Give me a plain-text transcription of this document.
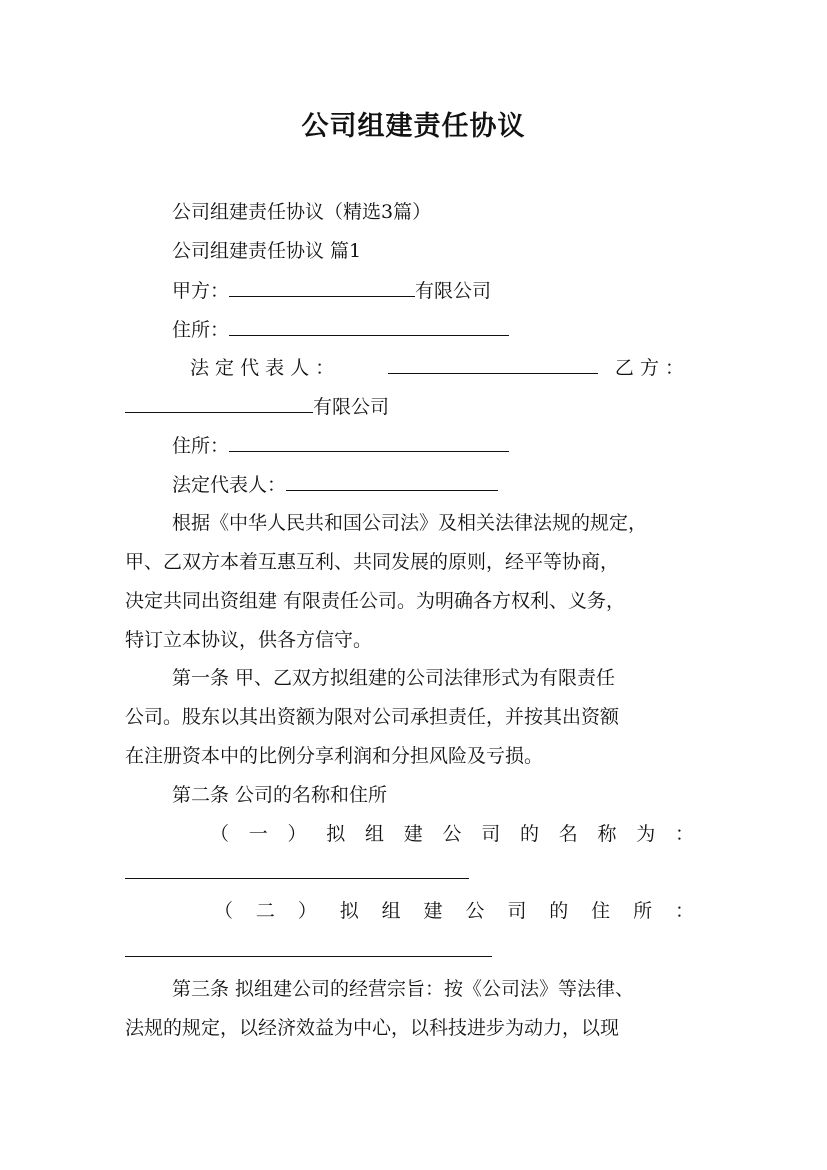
公司组建责任协议
公司组建责任协议（精选3篇）
公司组建责任协议 篇1
甲方：	有限公司
住所：
法 定 代 表 人 ：	乙 方 ：
有限公司
住所：
法定代表人：
根据《中华人民共和国公司法》及相关法律法规的规定，
甲、乙双方本着互惠互利、共同发展的原则，经平等协商，
决定共同出资组建 有限责任公司。为明确各方权利、义务，
特订立本协议，供各方信守。
第一条 甲、乙双方拟组建的公司法律形式为有限责任
公司。股东以其出资额为限对公司承担责任，并按其出资额
在注册资本中的比例分享利润和分担风险及亏损。
第二条 公司的名称和住所
（ 一 ） 拟 组 建 公 司 的 名 称 为 ：
（ 二 ） 拟 组 建 公 司 的 住 所 ：
第三条 拟组建公司的经营宗旨：按《公司法》等法律、
法规的规定，以经济效益为中心，以科技进步为动力，以现
